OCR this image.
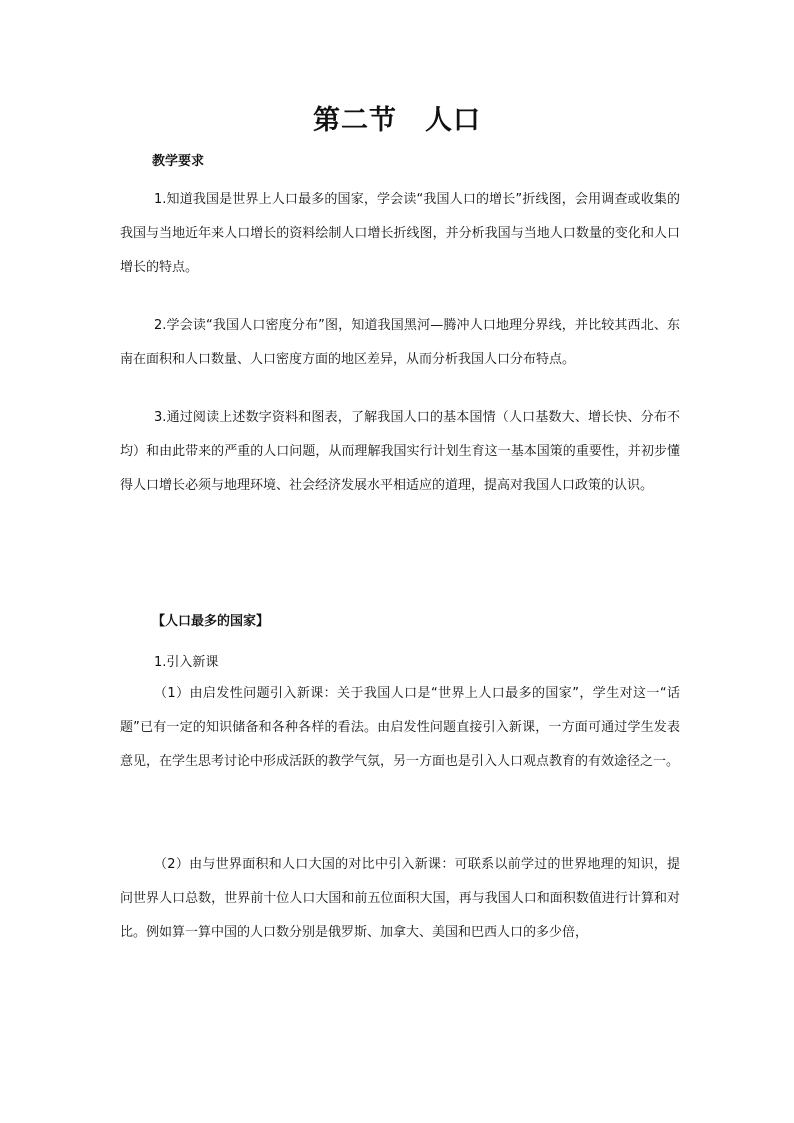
第二节　人口

教学要求

1.知道我国是世界上人口最多的国家，学会读“我国人口的增长”折线图，会用调查或收集的我国与当地近年来人口增长的资料绘制人口增长折线图，并分析我国与当地人口数量的变化和人口增长的特点。

2.学会读“我国人口密度分布”图，知道我国黑河—腾冲人口地理分界线，并比较其西北、东南在面积和人口数量、人口密度方面的地区差异，从而分析我国人口分布特点。

3.通过阅读上述数字资料和图表，了解我国人口的基本国情（人口基数大、增长快、分布不均）和由此带来的严重的人口问题，从而理解我国实行计划生育这一基本国策的重要性，并初步懂得人口增长必须与地理环境、社会经济发展水平相适应的道理，提高对我国人口政策的认识。

【人口最多的国家】

1.引入新课

（1）由启发性问题引入新课：关于我国人口是“世界上人口最多的国家”，学生对这一“话题”已有一定的知识储备和各种各样的看法。由启发性问题直接引入新课，一方面可通过学生发表意见，在学生思考讨论中形成活跃的教学气氛，另一方面也是引入人口观点教育的有效途径之一。

（2）由与世界面积和人口大国的对比中引入新课：可联系以前学过的世界地理的知识，提问世界人口总数，世界前十位人口大国和前五位面积大国，再与我国人口和面积数值进行计算和对比。例如算一算中国的人口数分别是俄罗斯、加拿大、美国和巴西人口的多少倍，
